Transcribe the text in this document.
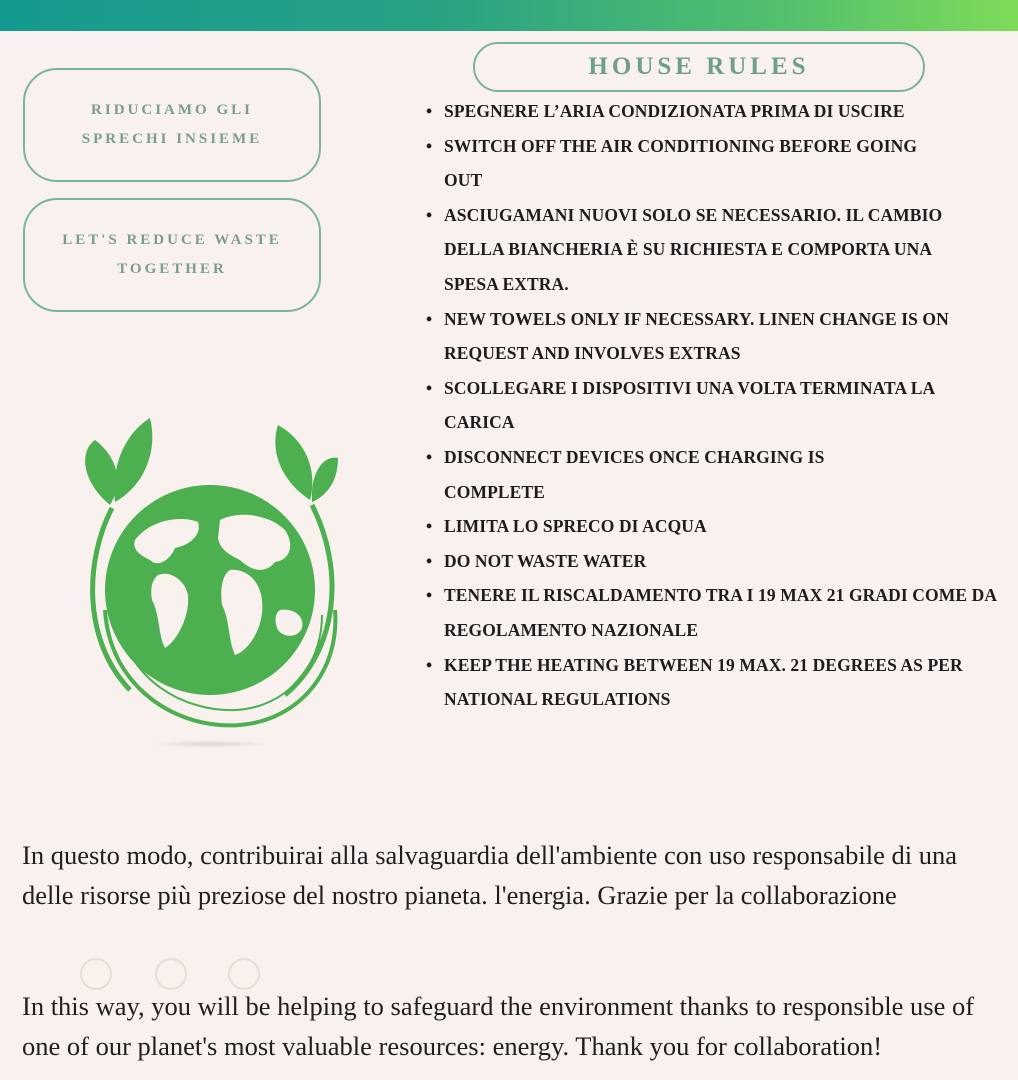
RIDUCIAMO GLI SPRECHI INSIEME
LET'S REDUCE WASTE TOGETHER
HOUSE RULES
• SPEGNERE L’ARIA CONDIZIONATA PRIMA DI USCIRE
• SWITCH OFF THE AIR CONDITIONING BEFORE GOING OUT
• ASCIUGAMANI NUOVI SOLO SE NECESSARIO. IL CAMBIO DELLA BIANCHERIA È SU RICHIESTA E COMPORTA UNA SPESA EXTRA.
• NEW TOWELS ONLY IF NECESSARY. LINEN CHANGE IS ON REQUEST AND INVOLVES EXTRAS
• SCOLLEGARE I DISPOSITIVI UNA VOLTA TERMINATA LA CARICA
• DISCONNECT DEVICES ONCE CHARGING IS COMPLETE
• LIMITA LO SPRECO DI ACQUA
• DO NOT WASTE WATER
• TENERE IL RISCALDAMENTO TRA I 19 MAX 21 GRADI COME DA REGOLAMENTO NAZIONALE
• KEEP THE HEATING BETWEEN 19 MAX. 21 DEGREES AS PER NATIONAL REGULATIONS

In questo modo, contribuirai alla salvaguardia dell'ambiente con uso responsabile di una delle risorse più preziose del nostro pianeta. l'energia. Grazie per la collaborazione

In this way, you will be helping to safeguard the environment thanks to responsible use of one of our planet's most valuable resources: energy. Thank you for collaboration!
